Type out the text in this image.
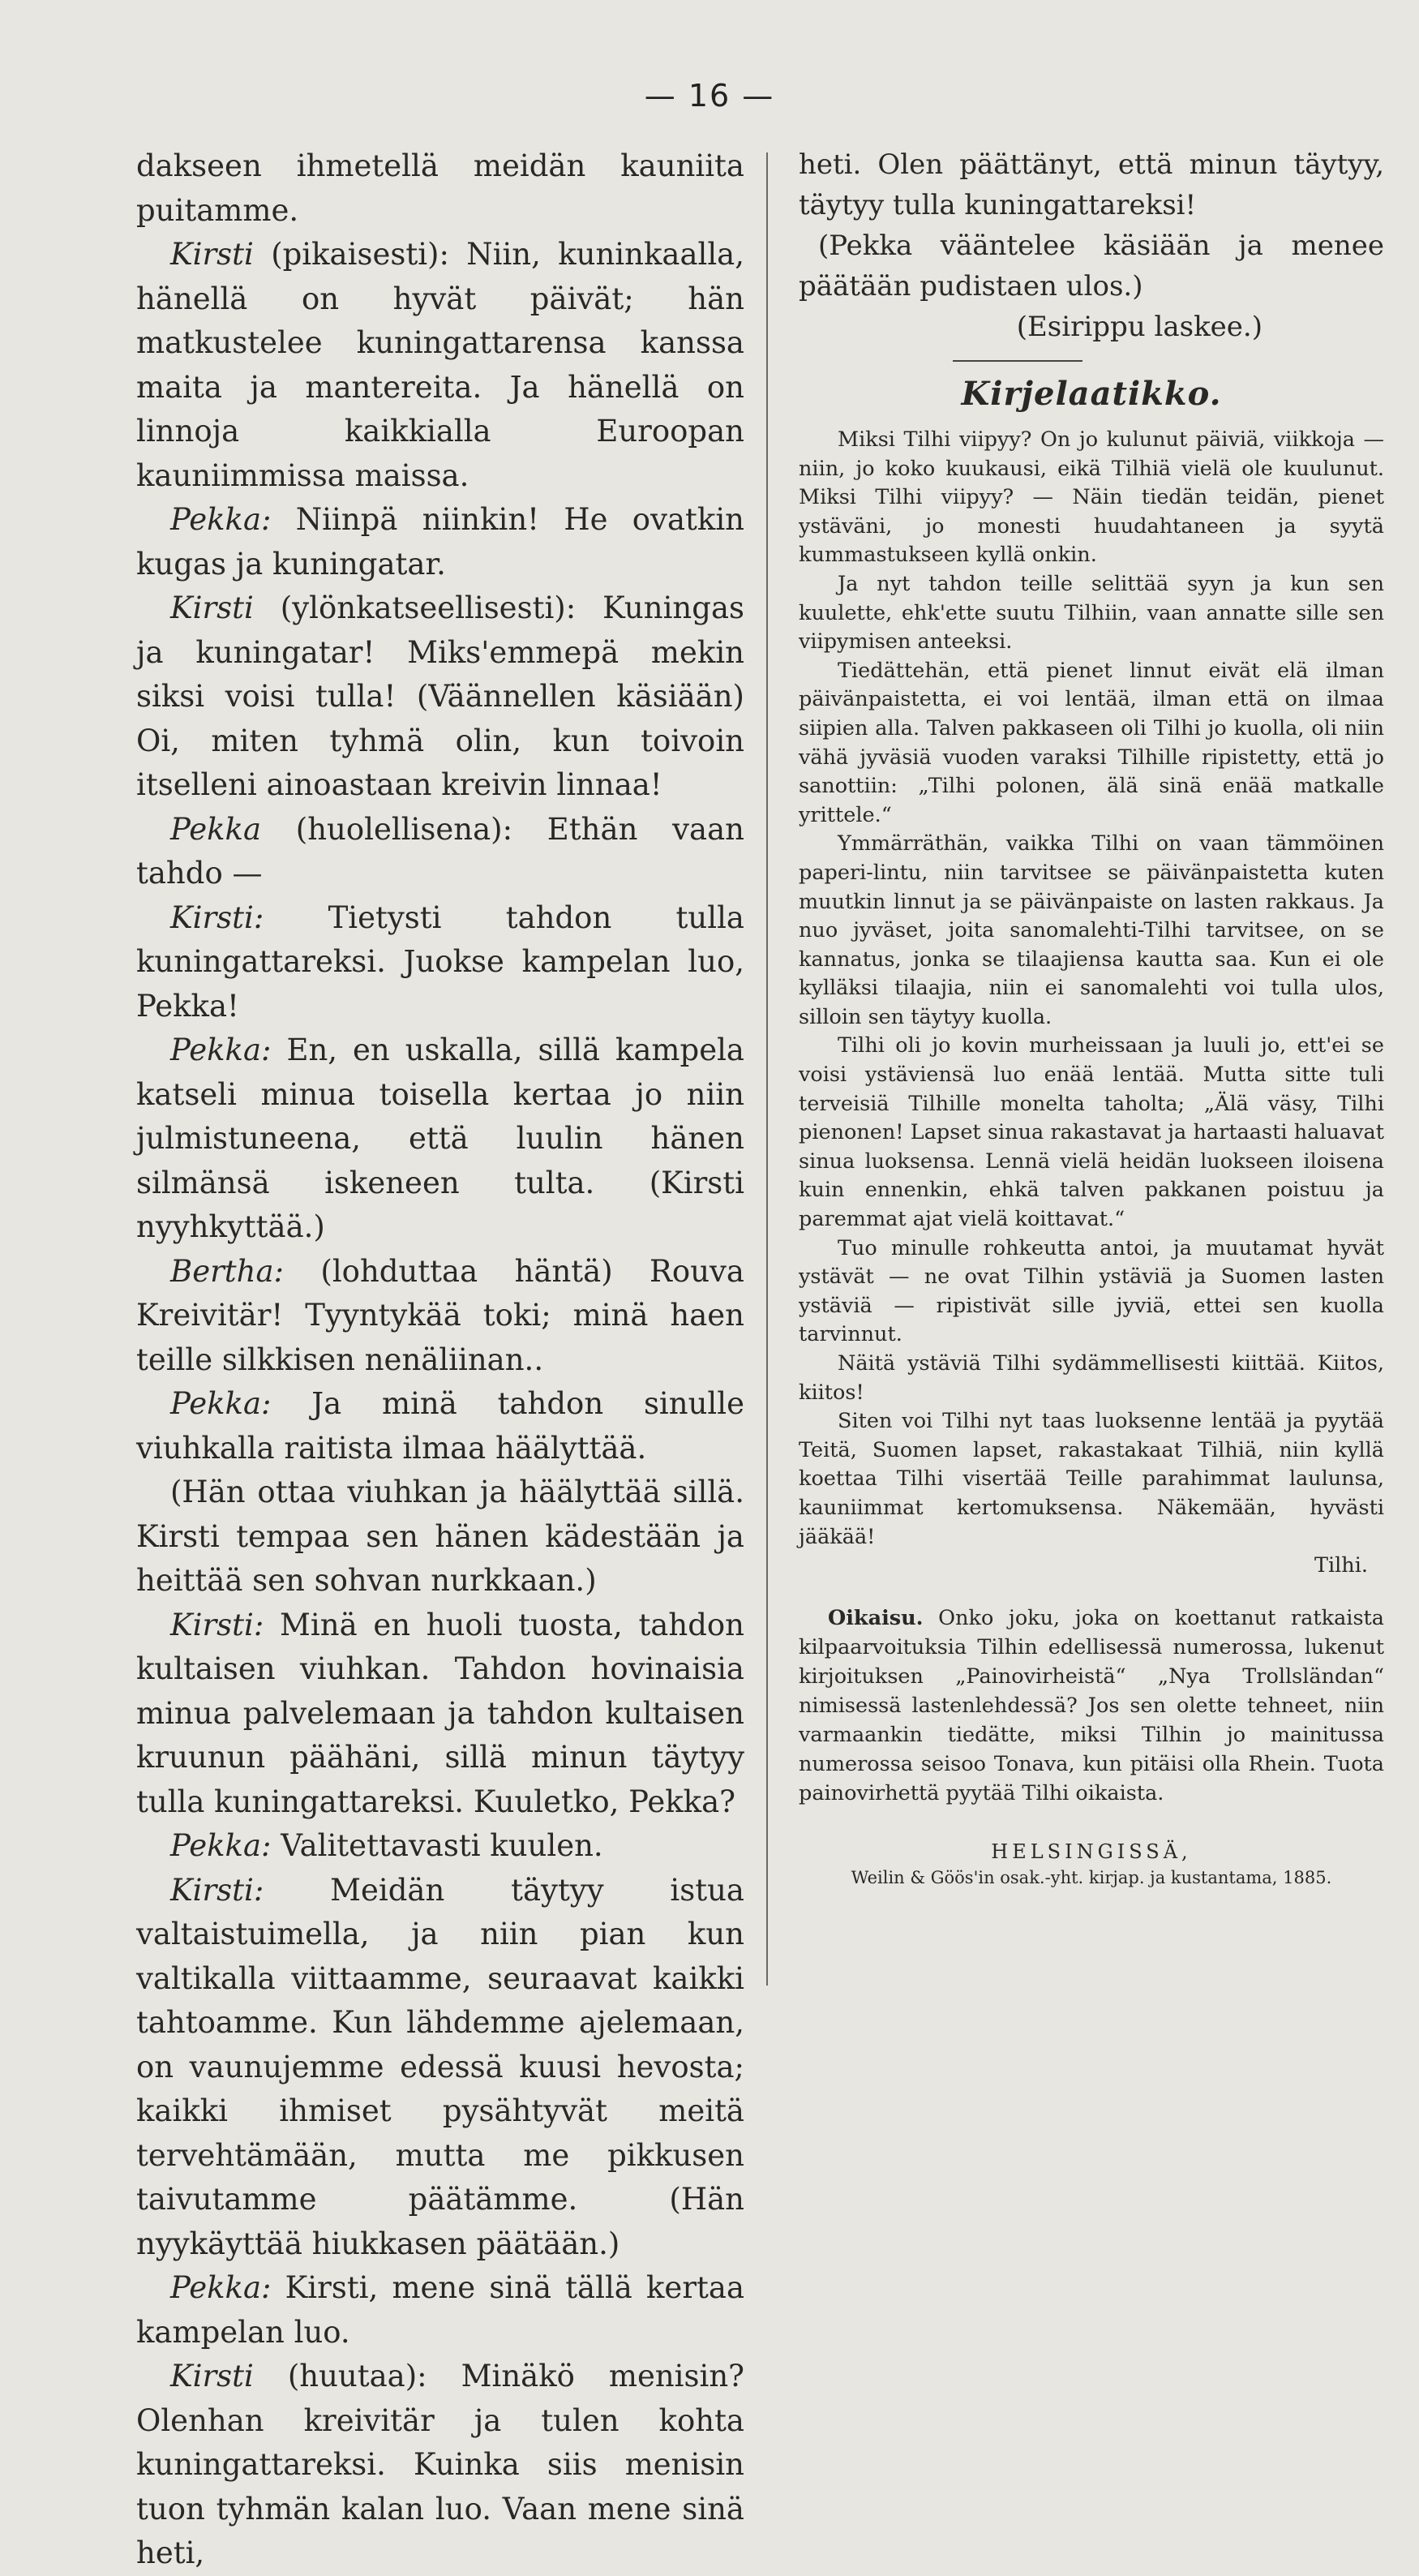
— 16 —

dakseen ihmetellä meidän kauniita puitamme.

Kirsti (pikaisesti): Niin, kuninkaalla, hänellä on hyvät päivät; hän matkustelee kuningattarensa kanssa maita ja mantereita. Ja hänellä on linnoja kaikkialla Euroopan kauniimmissa maissa.

Pekka: Niinpä niinkin! He ovatkin kugas ja kuningatar.

Kirsti (ylönkatseellisesti): Kuningas ja kuningatar! Miks'emmepä mekin siksi voisi tulla! (Väännellen käsiään) Oi, miten tyhmä olin, kun toivoin itselleni ainoastaan kreivin linnaa!

Pekka (huolellisena): Ethän vaan tahdo —

Kirsti: Tietysti tahdon tulla kuningattareksi. Juokse kampelan luo, Pekka!

Pekka: En, en uskalla, sillä kampela katseli minua toisella kertaa jo niin julmistuneena, että luulin hänen silmänsä iskeneen tulta. (Kirsti nyyhkyttää.)

Bertha: (lohduttaa häntä) Rouva Kreivitär! Tyyntykää toki; minä haen teille silkkisen nenäliinan..

Pekka: Ja minä tahdon sinulle viuhkalla raitista ilmaa häälyttää.

(Hän ottaa viuhkan ja häälyttää sillä. Kirsti tempaa sen hänen kädestään ja heittää sen sohvan nurkkaan.)

Kirsti: Minä en huoli tuosta, tahdon kultaisen viuhkan. Tahdon hovinaisia minua palvelemaan ja tahdon kultaisen kruunun päähäni, sillä minun täytyy tulla kuningattareksi. Kuuletko, Pekka?

Pekka: Valitettavasti kuulen.

Kirsti: Meidän täytyy istua valtaistuimella, ja niin pian kun valtikalla viittaamme, seuraavat kaikki tahtoamme. Kun lähdemme ajelemaan, on vaunujemme edessä kuusi hevosta; kaikki ihmiset pysähtyvät meitä tervehtämään, mutta me pikkusen taivutamme päätämme. (Hän nyykäyttää hiukkasen päätään.)

Pekka: Kirsti, mene sinä tällä kertaa kampelan luo.

Kirsti (huutaa): Minäkö menisin? Olenhan kreivitär ja tulen kohta kuningattareksi. Kuinka siis menisin tuon tyhmän kalan luo. Vaan mene sinä heti,

heti. Olen päättänyt, että minun täytyy, täytyy tulla kuningattareksi!

(Pekka vääntelee käsiään ja menee päätään pudistaen ulos.)

(Esirippu laskee.)

Kirjelaatikko.

Miksi Tilhi viipyy? On jo kulunut päiviä, viikkoja — niin, jo koko kuukausi, eikä Tilhiä vielä ole kuulunut. Miksi Tilhi viipyy? — Näin tiedän teidän, pienet ystäväni, jo monesti huudahtaneen ja syytä kummastukseen kyllä onkin.

Ja nyt tahdon teille selittää syyn ja kun sen kuulette, ehk'ette suutu Tilhiin, vaan annatte sille sen viipymisen anteeksi.

Tiedättehän, että pienet linnut eivät elä ilman päivänpaistetta, ei voi lentää, ilman että on ilmaa siipien alla. Talven pakkaseen oli Tilhi jo kuolla, oli niin vähä jyväsiä vuoden varaksi Tilhille ripistetty, että jo sanottiin: „Tilhi polonen, älä sinä enää matkalle yrittele.“

Ymmärräthän, vaikka Tilhi on vaan tämmöinen paperi-lintu, niin tarvitsee se päivänpaistetta kuten muutkin linnut ja se päivänpaiste on lasten rakkaus. Ja nuo jyväset, joita sanomalehti-Tilhi tarvitsee, on se kannatus, jonka se tilaajiensa kautta saa. Kun ei ole kylläksi tilaajia, niin ei sanomalehti voi tulla ulos, silloin sen täytyy kuolla.

Tilhi oli jo kovin murheissaan ja luuli jo, ett'ei se voisi ystäviensä luo enää lentää. Mutta sitte tuli terveisiä Tilhille monelta taholta; „Älä väsy, Tilhi pienonen! Lapset sinua rakastavat ja hartaasti haluavat sinua luoksensa. Lennä vielä heidän luokseen iloisena kuin ennenkin, ehkä talven pakkanen poistuu ja paremmat ajat vielä koittavat.“

Tuo minulle rohkeutta antoi, ja muutamat hyvät ystävät — ne ovat Tilhin ystäviä ja Suomen lasten ystäviä — ripistivät sille jyviä, ettei sen kuolla tarvinnut.

Näitä ystäviä Tilhi sydämmellisesti kiittää. Kiitos, kiitos!

Siten voi Tilhi nyt taas luoksenne lentää ja pyytää Teitä, Suomen lapset, rakastakaat Tilhiä, niin kyllä koettaa Tilhi visertää Teille parahimmat laulunsa, kauniimmat kertomuksensa. Näkemään, hyvästi jääkää!

Tilhi.

Oikaisu. Onko joku, joka on koettanut ratkaista kilpaarvoituksia Tilhin edellisessä numerossa, lukenut kirjoituksen „Painovirheistä“ „Nya Trollsländan“ nimisessä lastenlehdessä? Jos sen olette tehneet, niin varmaankin tiedätte, miksi Tilhin jo mainitussa numerossa seisoo Tonava, kun pitäisi olla Rhein. Tuota painovirhettä pyytää Tilhi oikaista.

HELSINGISSÄ,
Weilin & Göös'in osak.-yht. kirjap. ja kustantama, 1885.
